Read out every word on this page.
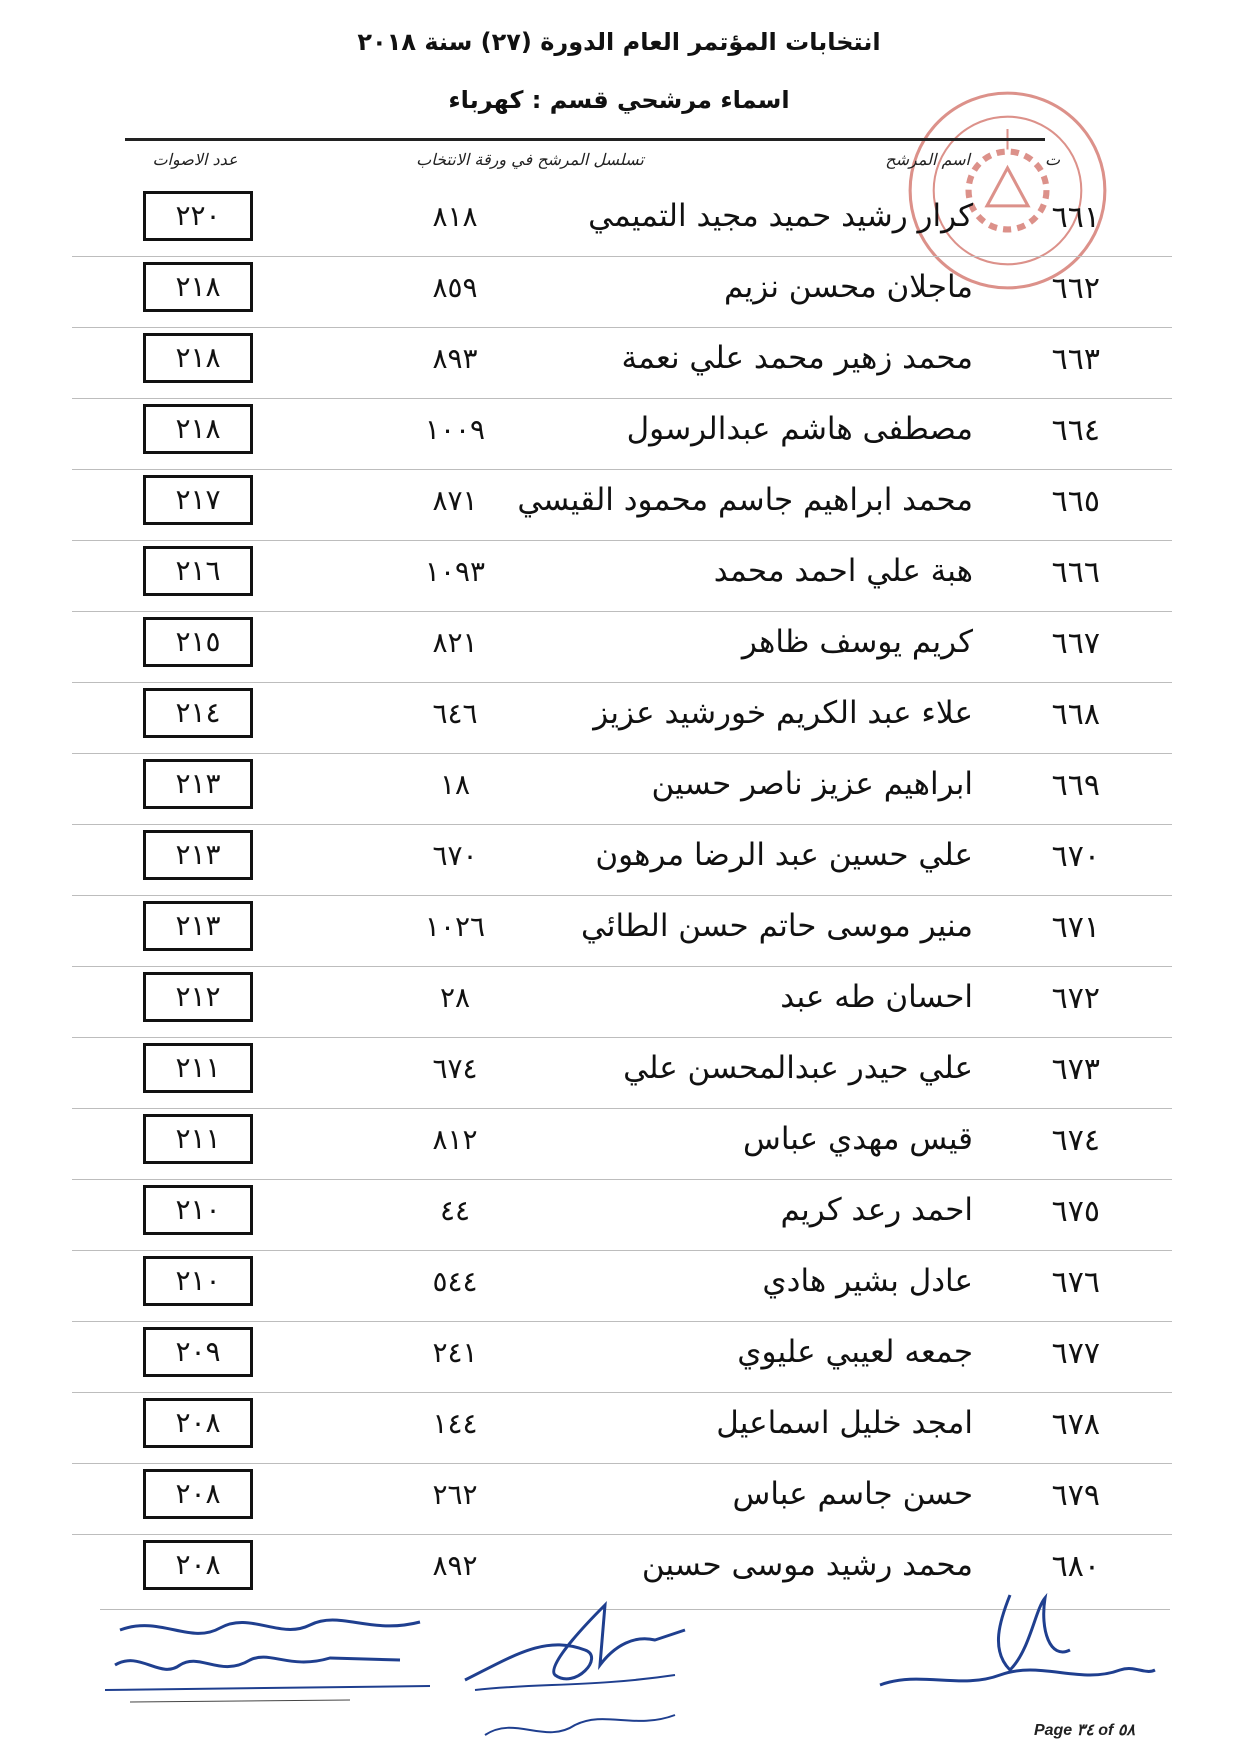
انتخابات المؤتمر العام الدورة (٢٧) سنة ٢٠١٨
اسماء مرشحي قسم : كهرباء
ت
اسم المرشح
تسلسل المرشح في ورقة الانتخاب
عدد الاصوات
٦٦١
كرار رشيد حميد مجيد التميمي
٨١٨
٢٢٠
٦٦٢
ماجلان محسن نزيم
٨٥٩
٢١٨
٦٦٣
محمد زهير محمد علي نعمة
٨٩٣
٢١٨
٦٦٤
مصطفى هاشم عبدالرسول
١٠٠٩
٢١٨
٦٦٥
محمد ابراهيم جاسم محمود القيسي
٨٧١
٢١٧
٦٦٦
هبة علي احمد محمد
١٠٩٣
٢١٦
٦٦٧
كريم يوسف ظاهر
٨٢١
٢١٥
٦٦٨
علاء عبد الكريم خورشيد عزيز
٦٤٦
٢١٤
٦٦٩
ابراهيم عزيز ناصر حسين
١٨
٢١٣
٦٧٠
علي حسين عبد الرضا مرهون
٦٧٠
٢١٣
٦٧١
منير موسى حاتم حسن الطائي
١٠٢٦
٢١٣
٦٧٢
احسان طه عبد
٢٨
٢١٢
٦٧٣
علي حيدر عبدالمحسن علي
٦٧٤
٢١١
٦٧٤
قيس مهدي عباس
٨١٢
٢١١
٦٧٥
احمد رعد كريم
٤٤
٢١٠
٦٧٦
عادل بشير هادي
٥٤٤
٢١٠
٦٧٧
جمعه لعيبي عليوي
٢٤١
٢٠٩
٦٧٨
امجد خليل اسماعيل
١٤٤
٢٠٨
٦٧٩
حسن جاسم عباس
٢٦٢
٢٠٨
٦٨٠
محمد رشيد موسى حسين
٨٩٢
٢٠٨
Page ٣٤ of ٥٨
